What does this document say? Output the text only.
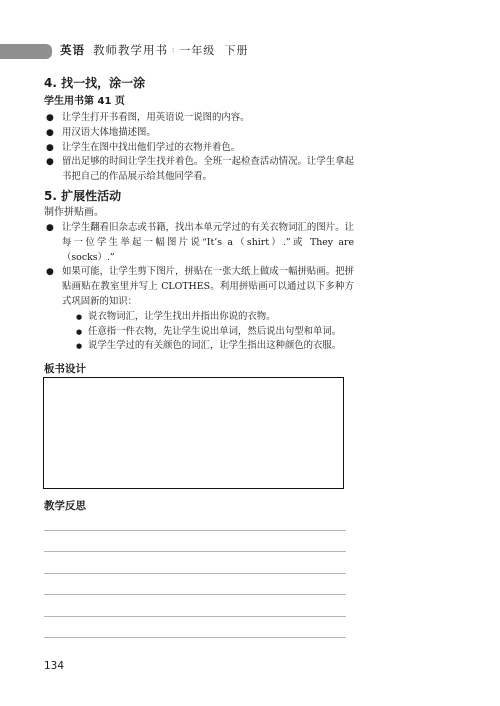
英语 教师教学用书 ⁝ 一年级 下册
4. 找一找，涂一涂
学生用书第 41 页
● 让学生打开书看图，用英语说一说图的内容。
● 用汉语大体地描述图。
● 让学生在图中找出他们学过的衣物并着色。
● 留出足够的时间让学生找并着色。全班一起检查活动情况。让学生拿起书把自己的作品展示给其他同学看。
5. 扩展性活动
制作拼贴画。
● 让学生翻看旧杂志或书籍，找出本单元学过的有关衣物词汇的图片。让每一位学生举起一幅图片说“It’s a（shirt）.”或 They are（socks）.”
● 如果可能，让学生剪下图片，拼贴在一张大纸上做成一幅拼贴画。把拼贴画贴在教室里并写上 CLOTHES。利用拼贴画可以通过以下多种方式巩固新的知识：
● 说衣物词汇，让学生找出并指出你说的衣物。
● 任意指一件衣物，先让学生说出单词，然后说出句型和单词。
● 说学生学过的有关颜色的词汇，让学生指出这种颜色的衣服。
板书设计
教学反思
134
